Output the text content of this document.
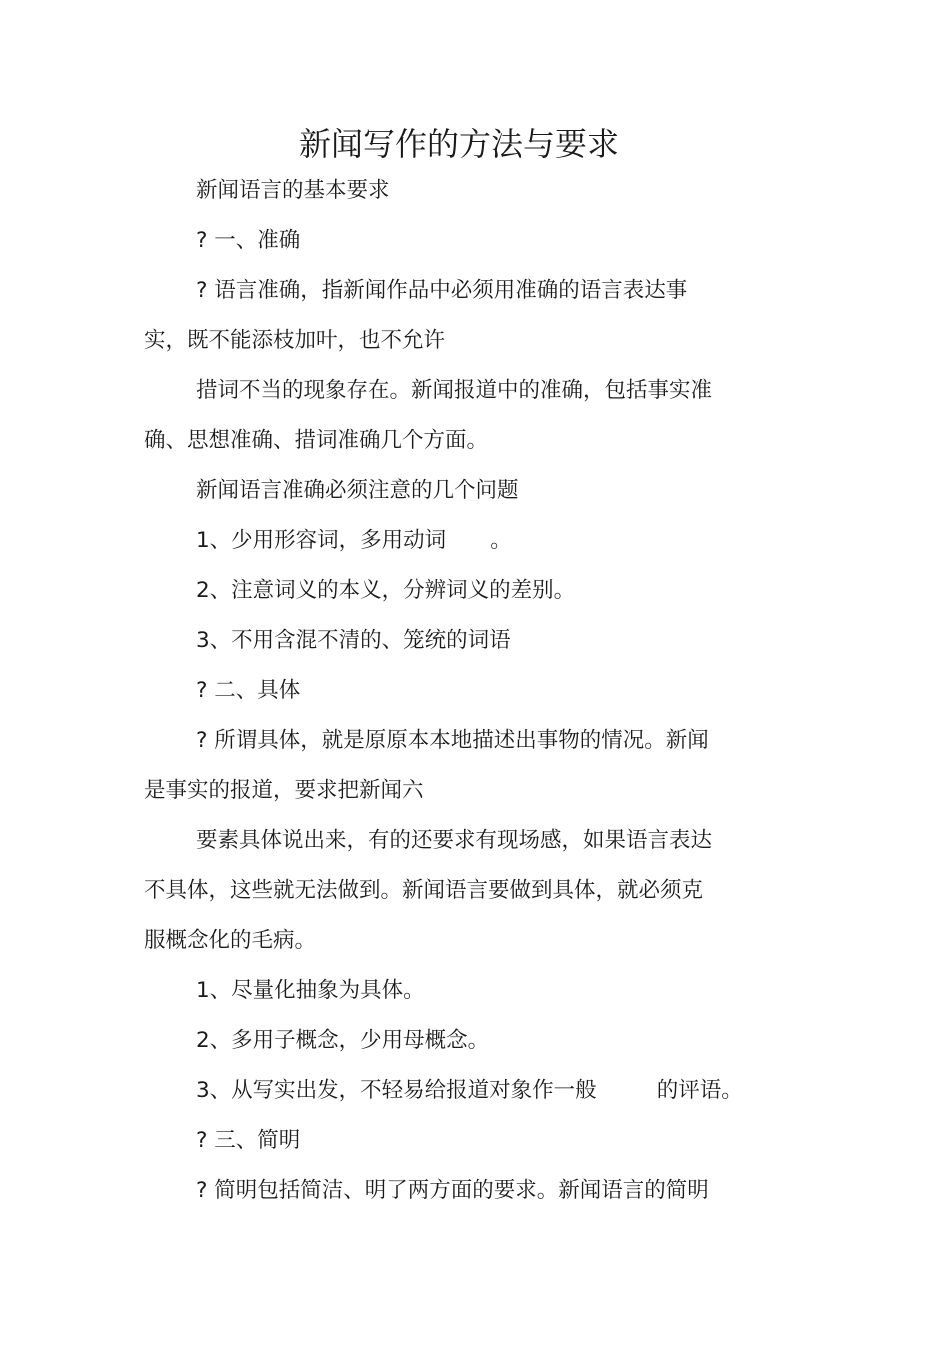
新闻写作的方法与要求

新闻语言的基本要求

? 一、准确

? 语言准确，指新闻作品中必须用准确的语言表达事

实，既不能添枝加叶，也不允许

措词不当的现象存在。新闻报道中的准确，包括事实准

确、思想准确、措词准确几个方面。

新闻语言准确必须注意的几个问题

1、少用形容词，多用动词 。

2、注意词义的本义，分辨词义的差别。

3、不用含混不清的、笼统的词语

? 二、具体

? 所谓具体，就是原原本本地描述出事物的情况。新闻

是事实的报道，要求把新闻六

要素具体说出来，有的还要求有现场感，如果语言表达

不具体，这些就无法做到。新闻语言要做到具体，就必须克

服概念化的毛病。

1、尽量化抽象为具体。

2、多用子概念，少用母概念。

3、从写实出发，不轻易给报道对象作一般	的评语。

? 三、简明

? 简明包括简洁、明了两方面的要求。新闻语言的简明
